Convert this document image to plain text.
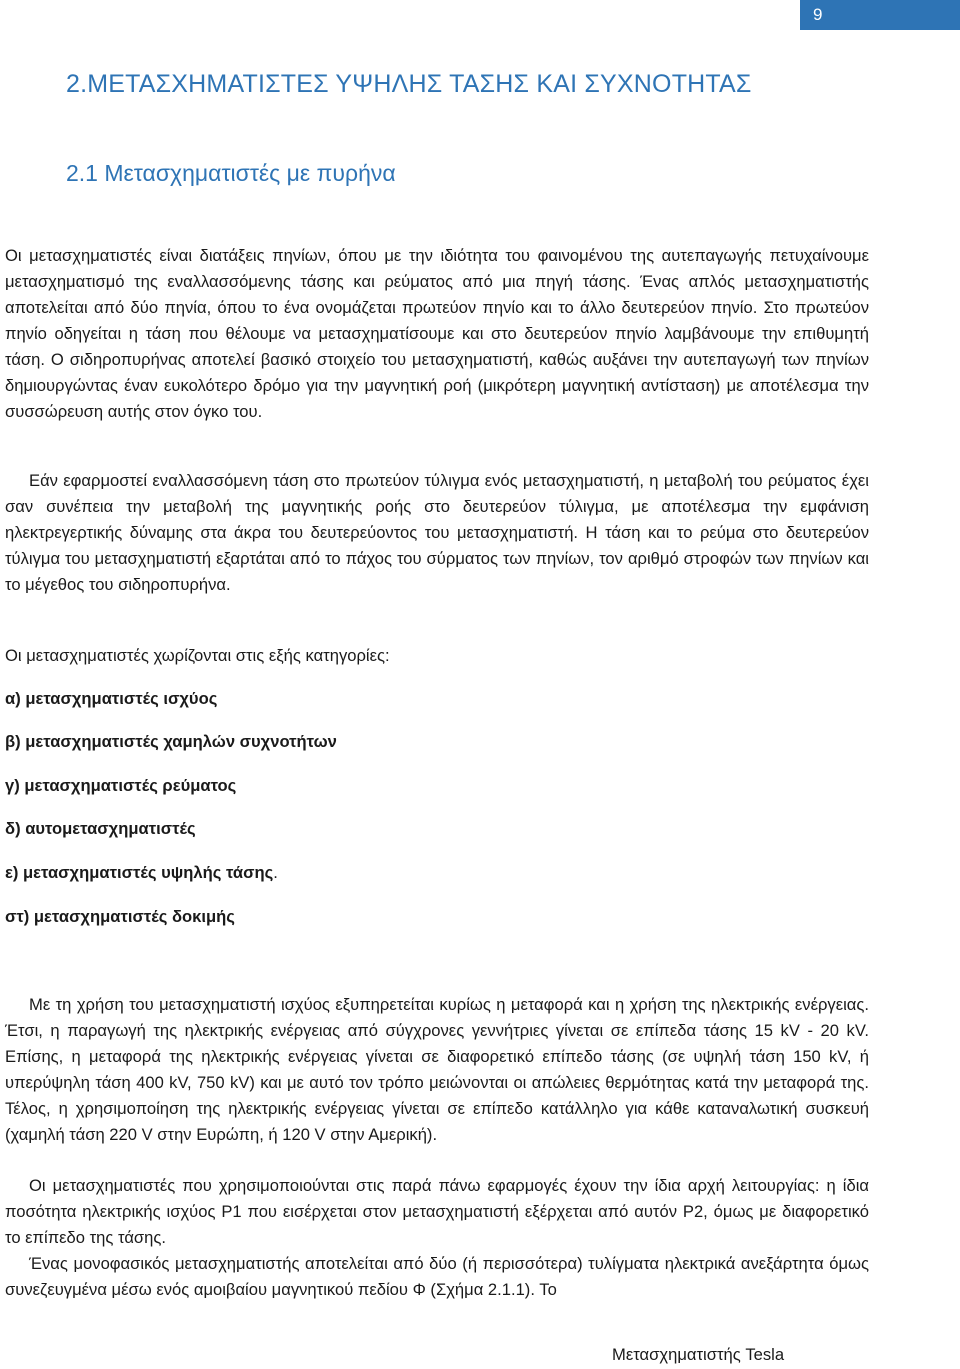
9
2.ΜΕΤΑΣΧΗΜΑΤΙΣΤΕΣ ΥΨΗΛΗΣ ΤΑΣΗΣ ΚΑΙ ΣΥΧΝΟΤΗΤΑΣ
2.1 Μετασχηματιστές με πυρήνα

Οι μετασχηματιστές είναι διατάξεις πηνίων, όπου με την ιδιότητα του φαινομένου της αυτεπαγωγής πετυχαίνουμε μετασχηματισμό της εναλλασσόμενης τάσης και ρεύματος από μια πηγή τάσης. Ένας απλός μετασχηματιστής αποτελείται από δύο πηνία, όπου το ένα ονομάζεται πρωτεύον πηνίο και το άλλο δευτερεύον πηνίο. Στο πρωτεύον πηνίο οδηγείται η τάση που θέλουμε να μετασχηματίσουμε και στο δευτερεύον πηνίο λαμβάνουμε την επιθυμητή τάση. Ο σιδηροπυρήνας αποτελεί βασικό στοιχείο του μετασχηματιστή, καθώς αυξάνει την αυτεπαγωγή των πηνίων δημιουργώντας έναν ευκολότερο δρόμο για την μαγνητική ροή (μικρότερη μαγνητική αντίσταση) με αποτέλεσμα την συσσώρευση αυτής στον όγκο του.

Εάν εφαρμοστεί εναλλασσόμενη τάση στο πρωτεύον τύλιγμα ενός μετασχηματιστή, η μεταβολή του ρεύματος έχει σαν συνέπεια την μεταβολή της μαγνητικής ροής στο δευτερεύον τύλιγμα, με αποτέλεσμα την εμφάνιση ηλεκτρεγερτικής δύναμης στα άκρα του δευτερεύοντος του μετασχηματιστή. Η τάση και το ρεύμα στο δευτερεύον τύλιγμα του μετασχηματιστή εξαρτάται από το πάχος του σύρματος των πηνίων, τον αριθμό στροφών των πηνίων και το μέγεθος του σιδηροπυρήνα.

Οι μετασχηματιστές χωρίζονται στις εξής κατηγορίες:

α) μετασχηματιστές ισχύος

β) μετασχηματιστές χαμηλών συχνοτήτων

γ) μετασχηματιστές ρεύματος

δ) αυτομετασχηματιστές

ε) μετασχηματιστές υψηλής τάσης.

στ) μετασχηματιστές δοκιμής

Με τη χρήση του μετασχηματιστή ισχύος εξυπηρετείται κυρίως η μεταφορά και η χρήση της ηλεκτρικής ενέργειας. Έτσι, η παραγωγή της ηλεκτρικής ενέργειας από σύγχρονες γεννήτριες γίνεται σε επίπεδα τάσης 15 kV - 20 kV. Επίσης, η μεταφορά της ηλεκτρικής ενέργειας γίνεται σε διαφορετικό επίπεδο τάσης (σε υψηλή τάση 150 kV, ή υπερύψηλη τάση 400 kV, 750 kV) και με αυτό τον τρόπο μειώνονται οι απώλειες θερμότητας κατά την μεταφορά της. Τέλος, η χρησιμοποίηση της ηλεκτρικής ενέργειας γίνεται σε επίπεδο κατάλληλο για κάθε καταναλωτική συσκευή (χαμηλή τάση 220 V στην Ευρώπη, ή 120 V στην Αμερική).

Οι μετασχηματιστές που χρησιμοποιούνται στις παρά πάνω εφαρμογές έχουν την ίδια αρχή λειτουργίας: η ίδια ποσότητα ηλεκτρικής ισχύος P1 που εισέρχεται στον μετασχηματιστή εξέρχεται από αυτόν P2, όμως με διαφορετικό το επίπεδο της τάσης.

Ένας μονοφασικός μετασχηματιστής αποτελείται από δύο (ή περισσότερα) τυλίγματα ηλεκτρικά ανεξάρτητα όμως συνεζευγμένα μέσω ενός αμοιβαίου μαγνητικού πεδίου Φ (Σχήμα 2.1.1). Το

Μετασχηματιστής Tesla
